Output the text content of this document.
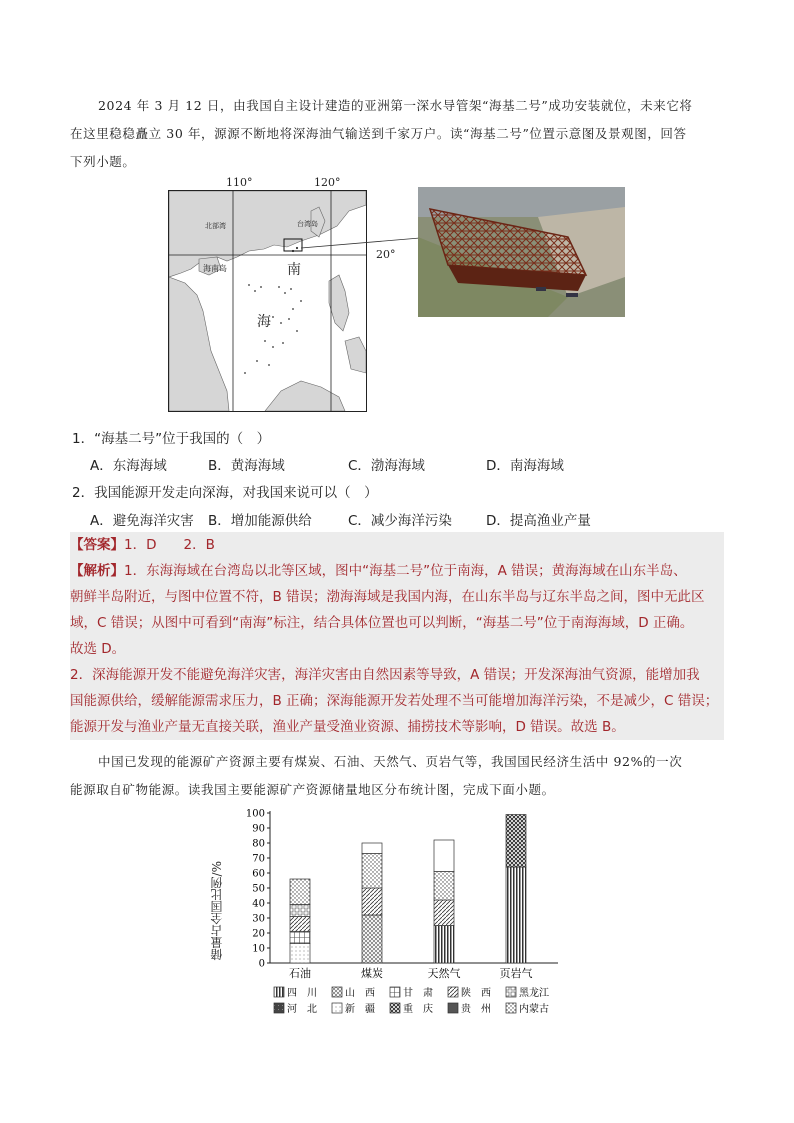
2024 年 3 月 12 日，由我国自主设计建造的亚洲第一深水导管架“海基二号”成功安装就位，未来它将
在这里稳稳矗立 30 年，源源不断地将深海油气输送到千家万户。读“海基二号”位置示意图及景观图，回答
下列小题。
北部湾	台湾岛
海南岛	南
海
110°	120°
20°
1．“海基二号”位于我国的（　）
A．东海海域	B．黄海海域	C．渤海海域	D．南海海域
2．我国能源开发走向深海，对我国来说可以（　）
A．避免海洋灾害 B．增加能源供给	C．减少海洋污染	D．提高渔业产量
【答案】1．D　　2．B
【解析】1．东海海域在台湾岛以北等区域，图中“海基二号”位于南海，A 错误；黄海海域在山东半岛、
朝鲜半岛附近，与图中位置不符，B 错误；渤海海域是我国内海，在山东半岛与辽东半岛之间，图中无此区
域，C 错误；从图中可看到“南海”标注，结合具体位置也可以判断，“海基二号”位于南海海域，D 正确。
故选 D。
2．深海能源开发不能避免海洋灾害，海洋灾害由自然因素等导致，A 错误；开发深海油气资源，能增加我
国能源供给，缓解能源需求压力，B 正确；深海能源开发若处理不当可能增加海洋污染，不是减少，C 错误；
能源开发与渔业产量无直接关联，渔业产量受渔业资源、捕捞技术等影响，D 错误。故选 B。
中国已发现的能源矿产资源主要有煤炭、石油、天然气、页岩气等，我国国民经济生活中 92%的一次
能源取自矿物能源。读我国主要能源矿产资源储量地区分布统计图，完成下面小题。
0
10
20
30
40
50
60
70
80
90
100
石油	煤炭	天然气	页岩气
四　川	山　西	甘　肃	陕　西	黑龙江
河　北	新　疆	重　庆	贵　州	内蒙古
储量占全国比例/%
